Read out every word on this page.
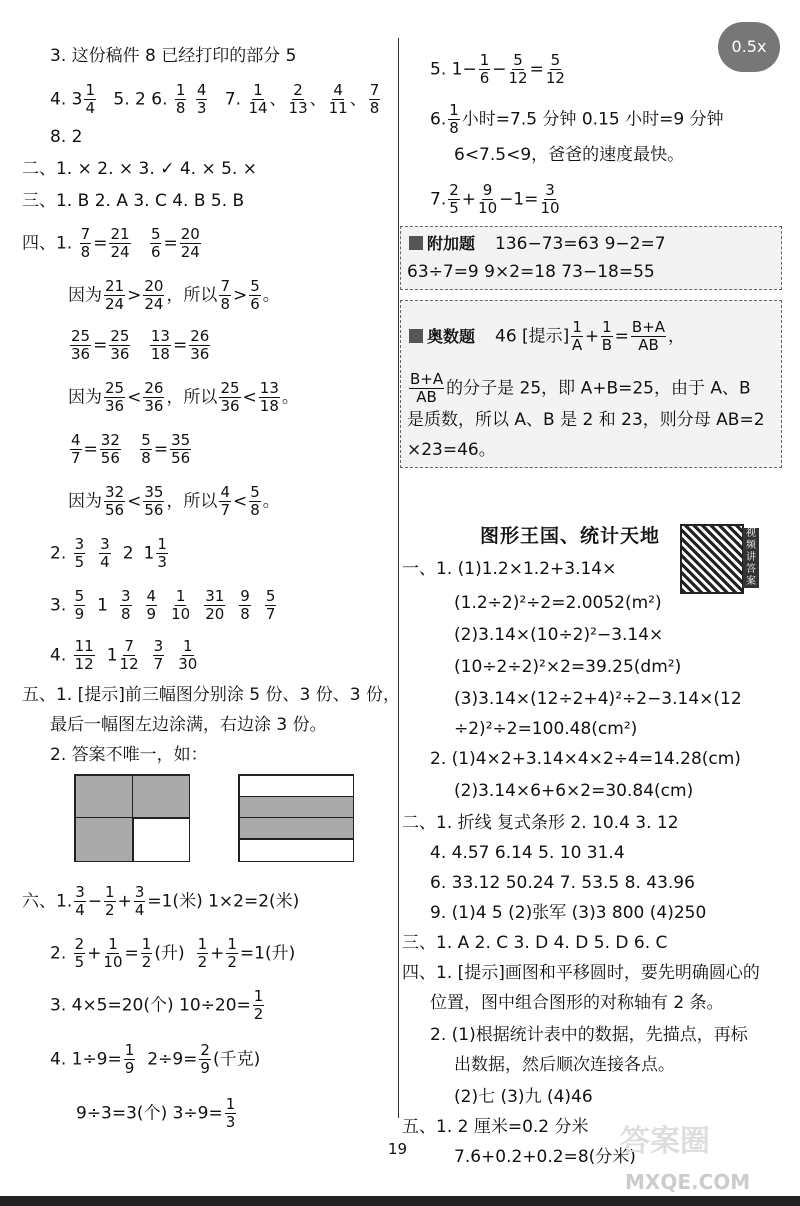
0.5x
3. 这份稿件 8 已经打印的部分 5
4. $3 \frac{1}{4} 5$. 2 6. $\frac{1}{8}$
$\frac{4}{3} 7$. $\frac{1}{14}$ 、 $\frac{2}{13}$ 、 $\frac{4}{11}$ 、 $\frac{7}{8}$
8. 2
二、1. × 2. × 3. ✓ 4. × 5. ×
三、1. B 2. A 3. C 4. B 5. B
四、1. $\frac{7}{8} = \frac{21}{24}$
$\frac{5}{6} = \frac{20}{24}$
因为 $\frac{21}{24} > \frac{20}{24}$ ，所以 $\frac{7}{8} > \frac{5}{6}$ 。
$\frac{25}{36} = \frac{25}{36}$
$\frac{13}{18} = \frac{26}{36}$
因为 $\frac{25}{36} < \frac{26}{36}$ ，所以 $\frac{25}{36} < \frac{13}{18}$ 。
$\frac{4}{7} = \frac{32}{56}$
$\frac{5}{8} = \frac{35}{56}$
因为 $\frac{32}{56} < \frac{35}{56}$ ，所以 $\frac{4}{7} < \frac{5}{8}$ 。
2. $\frac{3}{5} \frac{3}{4} 2$ $1 \frac{1}{3}$
3. $\frac{5}{9} 1 \frac{3}{8} \frac{4}{9} \frac{1}{10} \frac{31}{20} \frac{9}{8} \frac{5}{7}$
4. $\frac{11}{12} 1 \frac{7}{12} \frac{3}{7} \frac{1}{30}$
五、1. [提示]前三幅图分别涂 5 份、3 份、3 份，
最后一幅图左边涂满，右边涂 3 份。
2. 答案不唯一，如：
六、1. $\frac{3}{4} - \frac{1}{2} + \frac{3}{4} =1$(米) 1×2=2(米)
2. $\frac{2}{5} + \frac{1}{10} = \frac{1}{2}$ (升) $\frac{1}{2} + \frac{1}{2} =1$(升)
3. 4×5=20(个) $10\div 20= \frac{1}{2}$
4. $1\div 9= \frac{1}{9} 2\div 9= \frac{2}{9}$ (千克)
9÷3=3(个) $3\div 9= \frac{1}{3}$
5. $1- \frac{1}{6} - \frac{5}{12} = \frac{5}{12}$
6. $\frac{1}{8}$ 小时=7.5 分钟 0.15 小时=9 分钟
6<7.5<9，爸爸的速度最快。
7. $\frac{2}{5} + \frac{9}{10} -1= \frac{3}{10}$
附加题 136−73=63 9−2=7
63÷7=9 9×2=18 73−18=55
奥数题 46 [提示] $\frac{1}{A} + \frac{1}{B} = \frac{B+A}{AB}$ ，
$\frac{B+A}{AB}$ 的分子是 25，即 A+B=25，由于 A、B
是质数，所以 A、B 是 2 和 23，则分母 AB=2
×23=46。
图形王国、统计天地	视频讲答案
一、1. (1)1.2×1.2+3.14×
(1.2÷2)²÷2=2.0052(m²)
(2)3.14×(10÷2)²−3.14×
(10÷2÷2)²×2=39.25(dm²)
(3)3.14×(12÷2+4)²÷2−3.14×(12
÷2)²÷2=100.48(cm²)
2. (1)4×2+3.14×4×2÷4=14.28(cm)
(2)3.14×6+6×2=30.84(cm)
二、1. 折线 复式条形 2. 10.4 3. 12
4. 4.57 6.14 5. 10 31.4
6. 33.12 50.24 7. 53.5 8. 43.96
9. (1)4 5 (2)张军 (3)3 800 (4)250
三、1. A 2. C 3. D 4. D 5. D 6. C
四、1. [提示]画图和平移圆时，要先明确圆心的
位置，图中组合图形的对称轴有 2 条。
2. (1)根据统计表中的数据，先描点，再标
出数据，然后顺次连接各点。
(2)七 (3)九 (4)46
五、1. 2 厘米=0.2 分米
7.6+0.2+0.2=8(分米)
19	答案圈
MXQE.COM
